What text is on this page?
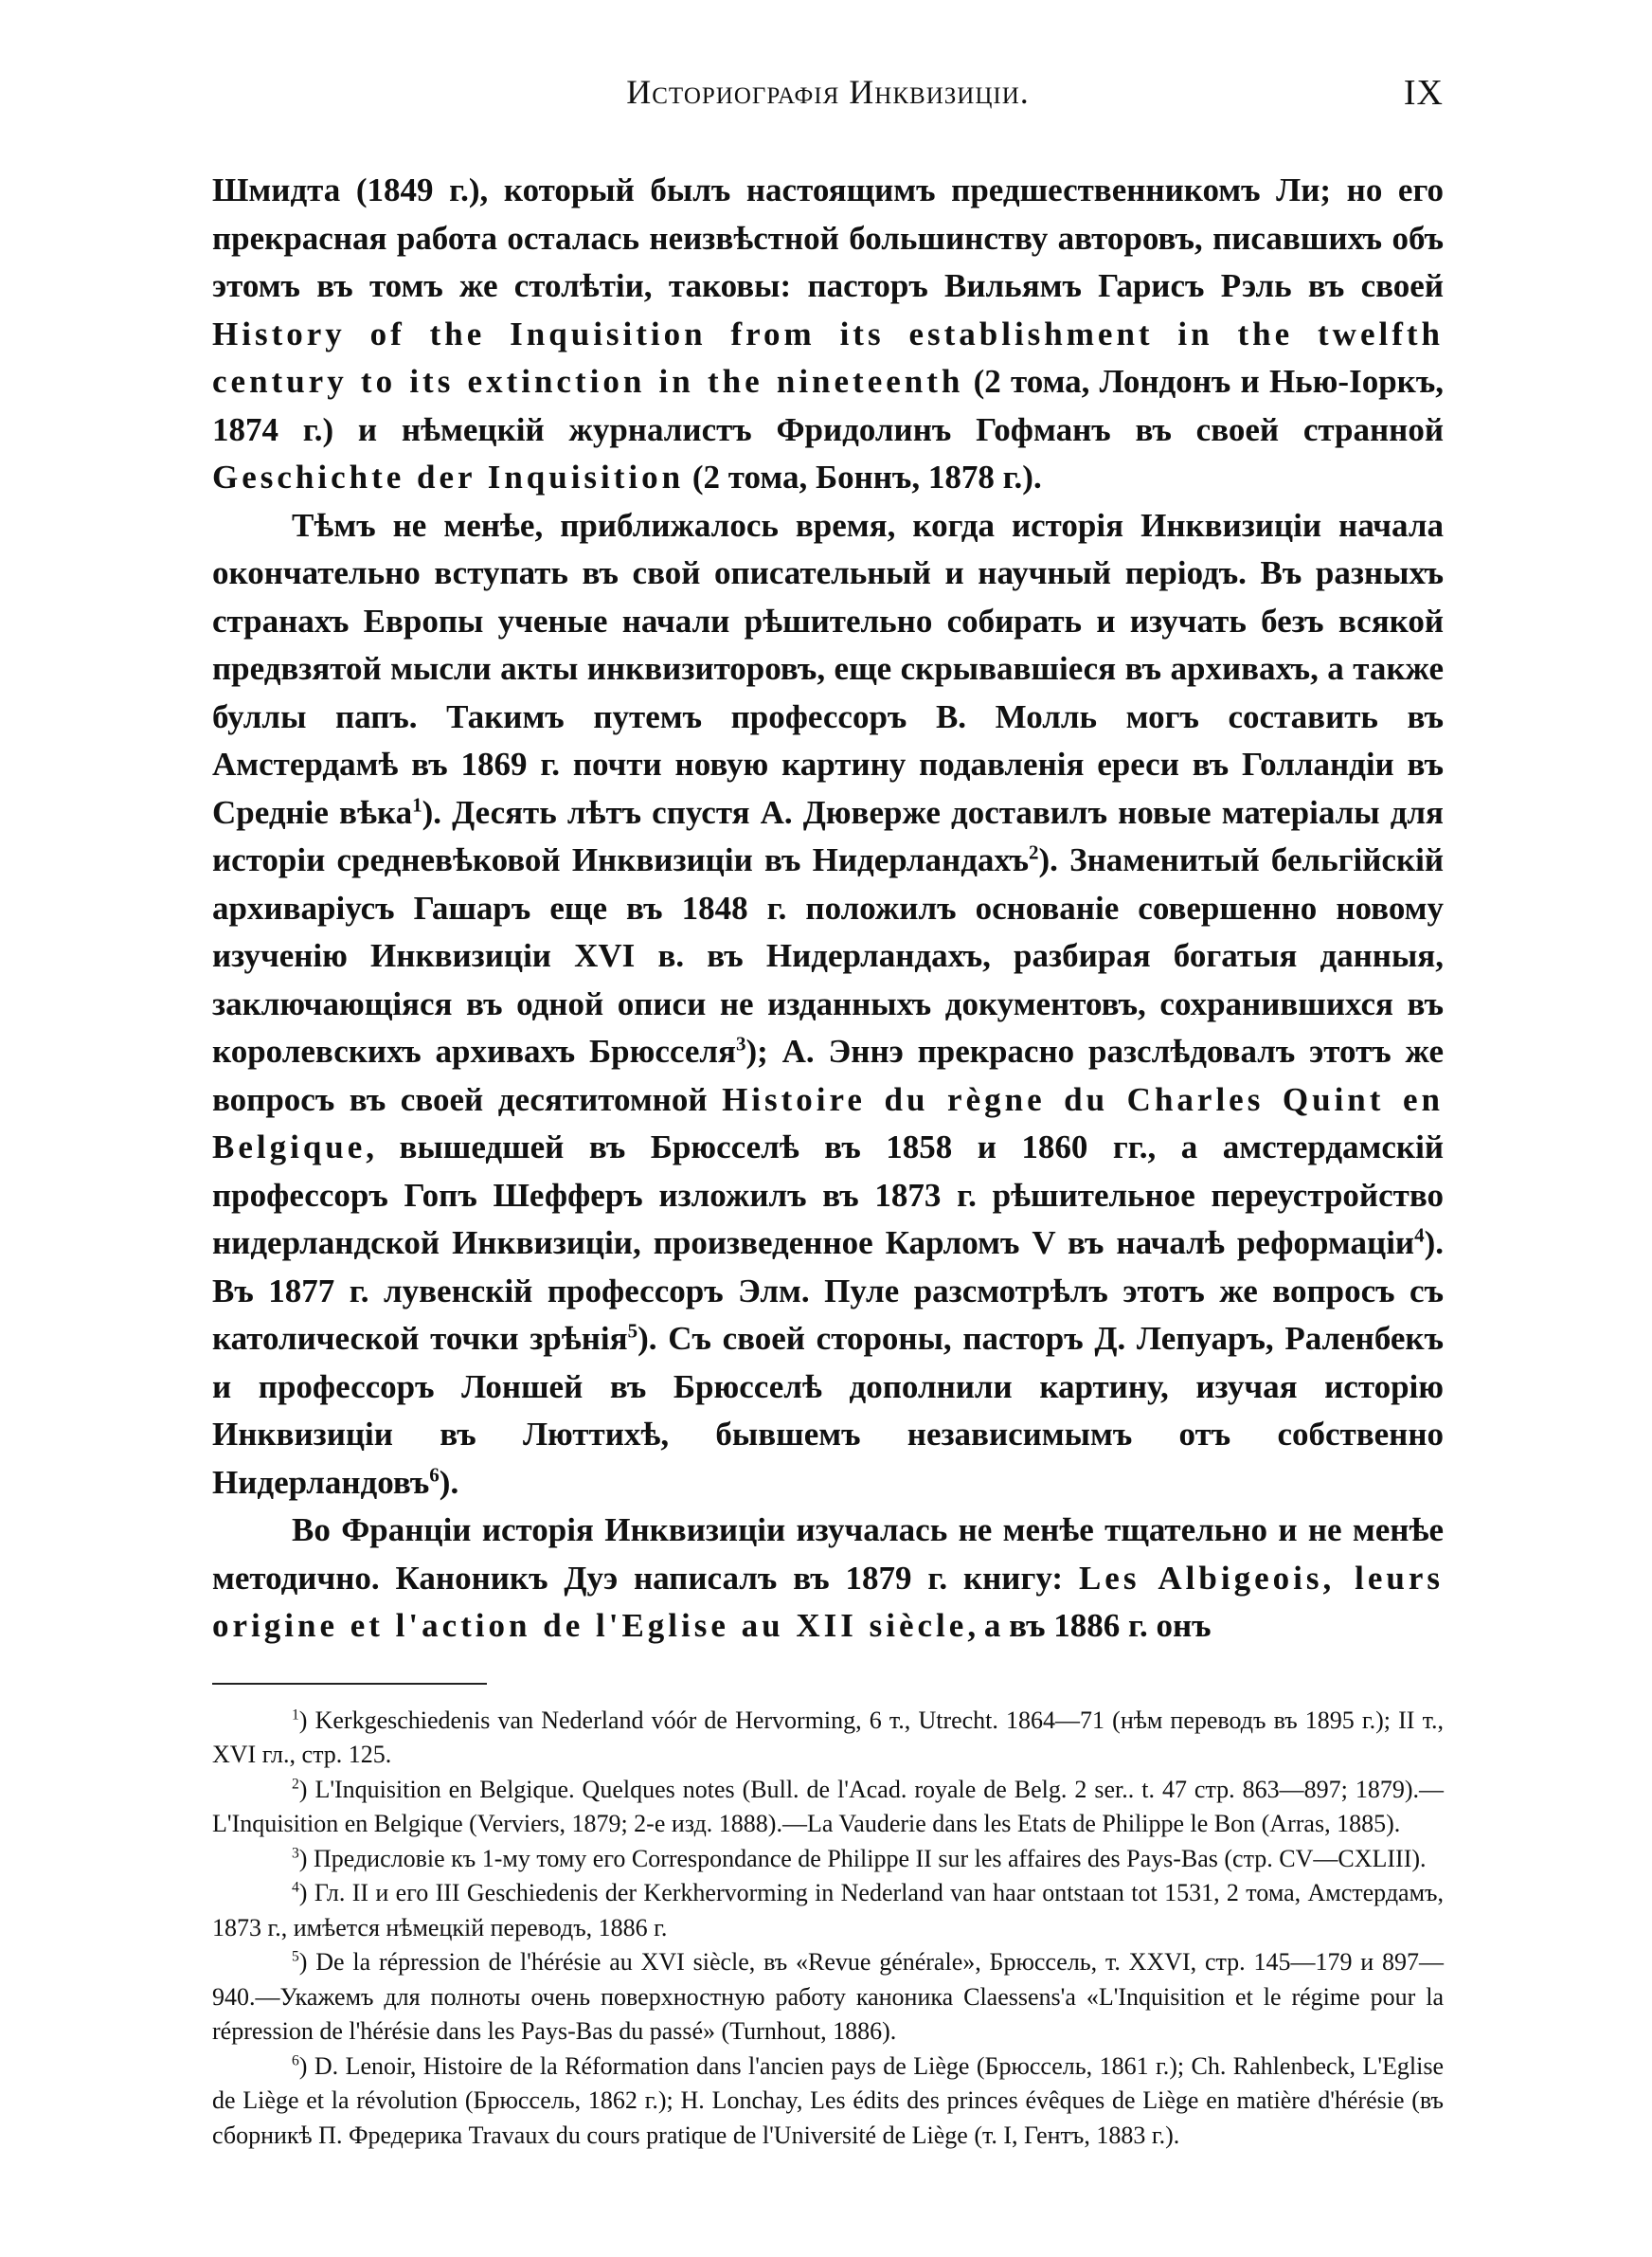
Историографія Инквизиціи.	IX

Шмидта (1849 г.), который былъ настоящимъ предшественникомъ Ли; но его прекрасная работа осталась неизвѣстной большинству авторовъ, писавшихъ объ этомъ въ томъ же столѣтіи, таковы: пасторъ Вильямъ Гарисъ Рэль въ своей History of the Inquisition from its establishment in the twelfth century to its extinction in the nineteenth (2 тома, Лондонъ и Нью-Іоркъ, 1874 г.) и нѣмецкій журналистъ Фридолинъ Гофманъ въ своей странной Geschichte der Inquisition (2 тома, Боннъ, 1878 г.).

Тѣмъ не менѣе, приближалось время, когда исторія Инквизиціи начала окончательно вступать въ свой описательный и научный періодъ. Въ разныхъ странахъ Европы ученые начали рѣшительно собирать и изучать безъ всякой предвзятой мысли акты инквизиторовъ, еще скрывавшіеся въ архивахъ, а также буллы папъ. Такимъ путемъ профессоръ В. Молль могъ составить въ Амстердамѣ въ 1869 г. почти новую картину подавленія ереси въ Голландіи въ Средніе вѣка$^1$). Десять лѣтъ спустя А. Дюверже доставилъ новые матеріалы для исторіи средневѣковой Инквизиціи въ Нидерландахъ$^2$). Знаменитый бельгійскій архиваріусъ Гашаръ еще въ 1848 г. положилъ основаніе совершенно новому изученію Инквизиціи XVI в. въ Нидерландахъ, разбирая богатыя данныя, заключающіяся въ одной описи не изданныхъ документовъ, сохранившихся въ королевскихъ архивахъ Брюсселя$^3$); А. Эннэ прекрасно разслѣдовалъ этотъ же вопросъ въ своей десятитомной Histoire du règne du Charles Quint en Belgique, вышедшей въ Брюсселѣ въ 1858 и 1860 гг., а амстердамскій профессоръ Гопъ Шефферъ изложилъ въ 1873 г. рѣшительное переустройство нидерландской Инквизиціи, произведенное Карломъ V въ началѣ реформаціи$^4$). Въ 1877 г. лувенскій профессоръ Элм. Пуле разсмотрѣлъ этотъ же вопросъ съ католической точки зрѣнія$^5$). Съ своей стороны, пасторъ Д. Лепуаръ, Раленбекъ и профессоръ Лоншей въ Брюсселѣ дополнили картину, изучая исторію Инквизиціи въ Люттихѣ, бывшемъ независимымъ отъ собственно Нидерландовъ$^6$).

Во Франціи исторія Инквизиціи изучалась не менѣе тщательно и не менѣе методично. Каноникъ Дуэ написалъ въ 1879 г. книгу: Les Albigeois, leurs origine et l'action de l'Eglise au XII siècle, а въ 1886 г. онъ

$^1$) Kerkgeschiedenis van Nederland vóór de Hervorming, 6 т., Utrecht. 1864—71 (нѣм переводъ въ 1895 г.); II т., XVI гл., стр. 125.

$^2$) L'Inquisition en Belgique. Quelques notes (Bull. de l'Acad. royale de Belg. 2 ser.. t. 47 стр. 863—897; 1879).—L'Inquisition en Belgique (Verviers, 1879; 2-е изд. 1888).—La Vauderie dans les Etats de Philippe le Bon (Arras, 1885).

$^3$) Предисловіе къ 1-му тому его Correspondance de Philippe II sur les affaires des Pays-Bas (стр. CV—CXLIII).

$^4$) Гл. II и его III Geschiedenis der Kerkhervorming in Nederland van haar ontstaan tot 1531, 2 тома, Амстердамъ, 1873 г., имѣется нѣмецкій переводъ, 1886 г.

$^5$) De la répression de l'hérésie au XVI siècle, въ «Revue générale», Брюссель, т. XXVI, стр. 145—179 и 897—940.—Укажемъ для полноты очень поверхностную работу каноника Claessens'a «L'Inquisition et le régime pour la répression de l'hérésie dans les Pays-Bas du passé» (Turnhout, 1886).

$^6$) D. Lenoir, Histoire de la Réformation dans l'ancien pays de Liège (Брюссель, 1861 г.); Ch. Rahlenbeck, L'Eglise de Liège et la révolution (Брюссель, 1862 г.); H. Lonchay, Les édits des princes évêques de Liège en matière d'hérésie (въ сборникѣ П. Фредерика Travaux du cours pratique de l'Université de Liège (т. I, Гентъ, 1883 г.).
